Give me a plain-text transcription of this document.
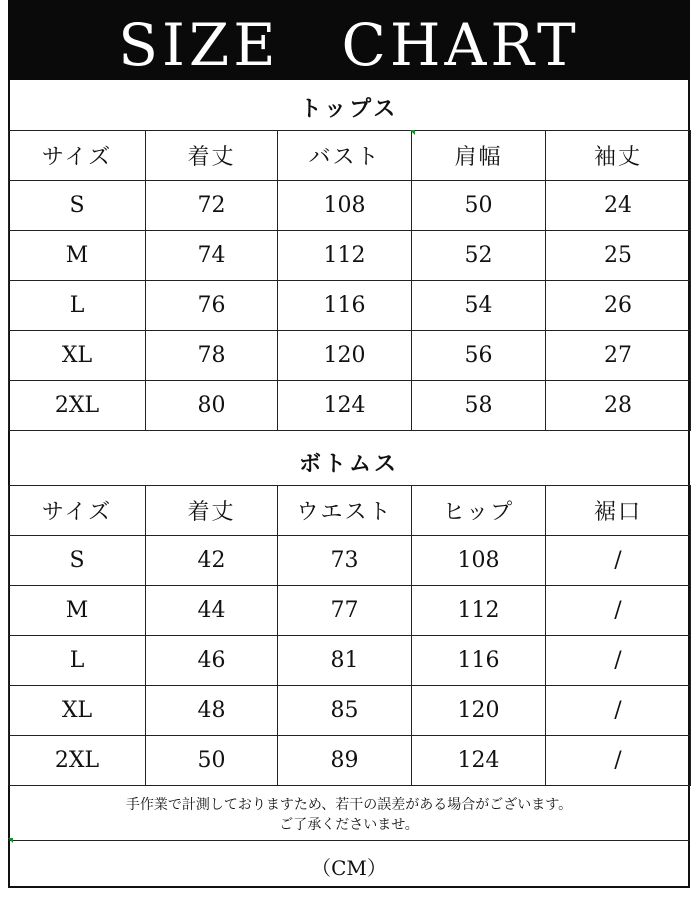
SIZE　CHART
トップス
サイズ	着丈	バスト	肩幅	袖丈
S	72	108	50	24
M	74	112	52	25
L	76	116	54	26
XL	78	120	56	27
2XL	80	124	58	28
ボトムス
サイズ	着丈	ウエスト	ヒップ	裾口
S	42	73	108	/
M	44	77	112	/
L	46	81	116	/
XL	48	85	120	/
2XL	50	89	124	/
手作業で計測しておりますため、若干の誤差がある場合がございます。
ご了承くださいませ。
（CM）
